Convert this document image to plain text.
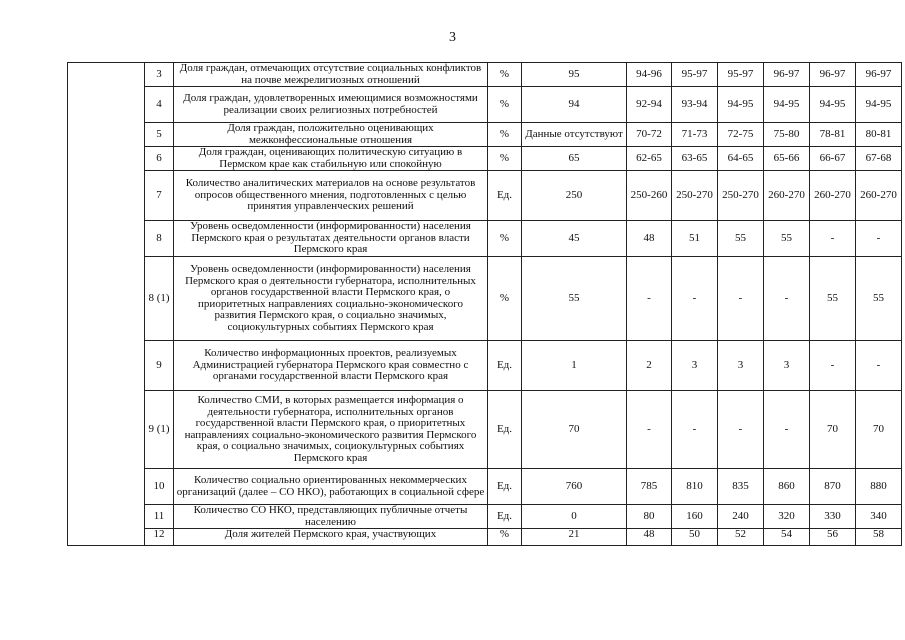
3
	3	Доля граждан, отмечающих отсутствие социальных конфликтов на почве межрелигиозных отношений	%	95	94-96	95-97	95-97	96-97	96-97	96-97
	4	Доля граждан, удовлетворенных имеющимися возможностями реализации своих религиозных потребностей	%	94	92-94	93-94	94-95	94-95	94-95	94-95
	5	Доля граждан, положительно оценивающих межконфессиональные отношения	%	Данные отсутствуют	70-72	71-73	72-75	75-80	78-81	80-81
	6	Доля граждан, оценивающих политическую ситуацию в Пермском крае как стабильную или спокойную	%	65	62-65	63-65	64-65	65-66	66-67	67-68
	7	Количество аналитических материалов на основе результатов опросов общественного мнения, подготовленных с целью принятия управленческих решений	Ед.	250	250-260	250-270	250-270	260-270	260-270	260-270
	8	Уровень осведомленности (информированности) населения Пермского края о результатах деятельности органов власти Пермского края	%	45	48	51	55	55	-	-
	8 (1)	Уровень осведомленности (информированности) населения Пермского края о деятельности губернатора, исполнительных органов государственной власти Пермского края, о приоритетных направлениях социально-экономического развития Пермского края, о социально значимых, социокультурных событиях Пермского края	%	55	-	-	-	-	55	55
	9	Количество информационных проектов, реализуемых Администрацией губернатора Пермского края совместно с органами государственной власти Пермского края	Ед.	1	2	3	3	3	-	-
	9 (1)	Количество СМИ, в которых размещается информация о деятельности губернатора, исполнительных органов государственной власти Пермского края, о приоритетных направлениях социально-экономического развития Пермского края, о социально значимых, социокультурных событиях Пермского края	Ед.	70	-	-	-	-	70	70
	10	Количество социально ориентированных некоммерческих организаций (далее – СО НКО), работающих в социальной сфере	Ед.	760	785	810	835	860	870	880
	11	Количество СО НКО, представляющих публичные отчеты населению	Ед.	0	80	160	240	320	330	340
	12	Доля жителей Пермского края, участвующих	%	21	48	50	52	54	56	58
